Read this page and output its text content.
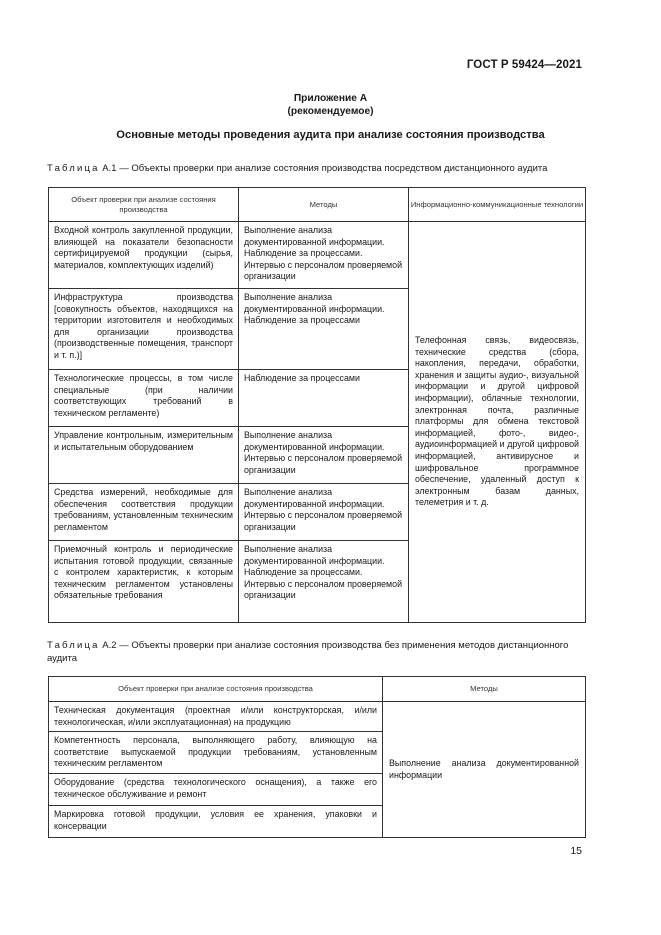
ГОСТ Р 59424—2021
Приложение А
(рекомендуемое)
Основные методы проведения аудита при анализе состояния производства
Таблица А.1 — Объекты проверки при анализе состояния производства посредством дистанционного аудита
Объект проверки при анализе состояния производства	Методы	Информационно-коммуникационные технологии
Входной контроль закупленной продукции, влияющей на показатели безопасности сертифицируемой продукции (сырья, материалов, комплектующих изделий)	Выполнение анализа документированной информации. Наблюдение за процессами. Интервью с персоналом проверяемой организации	Телефонная связь, видеосвязь, технические средства (сбора, накопления, передачи, обработки, хранения и защиты аудио-, визуальной информации и другой цифровой информации), облачные технологии, электронная почта, различные платформы для обмена текстовой информацией, фото-, видео-, аудиоинформацией и другой цифровой информацией, антивирусное и шифровальное программное обеспечение, удаленный доступ к электронным базам данных, телеметрия и т. д.
Инфраструктура производства [совокупность объектов, находящихся на территории изготовителя и необходимых для организации производства (производственные помещения, транспорт и т. п.)]	Выполнение анализа документированной информации. Наблюдение за процессами	
Технологические процессы, в том числе специальные (при наличии соответствующих требований в техническом регламенте)	Наблюдение за процессами	
Управление контрольным, измерительным и испытательным оборудованием	Выполнение анализа документированной информации. Интервью с персоналом проверяемой организации	
Средства измерений, необходимые для обеспечения соответствия продукции требованиям, установленным техническим регламентом	Выполнение анализа документированной информации. Интервью с персоналом проверяемой организации	
Приемочный контроль и периодические испытания готовой продукции, связанные с контролем характеристик, к которым техническим регламентом установлены обязательные требования	Выполнение анализа документированной информации. Наблюдение за процессами. Интервью с персоналом проверяемой организации	
Таблица А.2 — Объекты проверки при анализе состояния производства без применения методов дистанционного аудита
Объект проверки при анализе состояния производства	Методы
Техническая документация (проектная и/или конструкторская, и/или технологическая, и/или эксплуатационная) на продукцию	Выполнение анализа документированной информации
Компетентность персонала, выполняющего работу, влияющую на соответствие выпускаемой продукции требованиям, установленным техническим регламентом	
Оборудование (средства технологического оснащения), а также его техническое обслуживание и ремонт	
Маркировка готовой продукции, условия ее хранения, упаковки и консервации	
15
